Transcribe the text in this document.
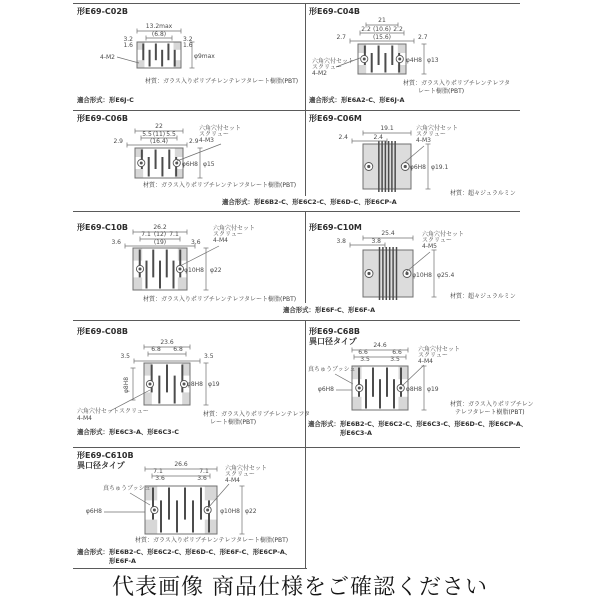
13.2max
(6.8)
3.2
1.6
3.2
1.6
4-M2	φ9max
21
2.2 (10.6) 2.2
2.7	(15.6)	2.7
六角穴付セット
スクリュー
4-M2
φ4H8 φ13
22
5.5 (11) 5.5
2.9	(16.4)	2.9
六角穴付セット
スクリュー
4-M3
φ6H8 φ15
19.1
2.4	2.4
六角穴付セット
スクリュー
4-M3
φ6H8 φ19.1
26.2
7.1 (12) 7.1
3.6	(19)	3.6
六角穴付セット
スクリュー
4-M4
φ10H8 φ22
25.4
3.8	3.8
六角穴付セット
スクリュー
4-M5
φ10H8 φ25.4
23.6
6.8 6.8
3.5	3.5
φ8H8	φ8H8 φ19
六角穴付セットスクリュー
4-M4
24.6
6.6	6.6
3.5	3.5
真ちゅうブッシュ
六角穴付セット
スクリュー
4-M4
φ6H8	φ8H8 φ19
26.6
7.1	7.1
3.6	3.6
真ちゅうブッシュ
六角穴付セット
スクリュー
4-M4
φ6H8	φ10H8 φ22
代表画像 商品仕様をご確認ください
形E69-C02B
材質：ガラス入りポリブチレンテレフタレート樹脂(PBT)
適合形式：形E6J-C
形E69-C04B
材質：ガラス入りポリブチレンテレフタ
レート樹脂(PBT)
適合形式：形E6A2-C、形E6J-A
形E69-C06B
材質：ガラス入りポリブチレンテレフタレート樹脂(PBT)
形E69-C06M
材質：超々ジュラルミン
形E69-C10B
材質：ガラス入りポリブチレンテレフタレート樹脂(PBT)
形E69-C10M
材質：超々ジュラルミン
形E69-C08B
材質：ガラス入りポリブチレンテレフタ
レート樹脂(PBT)
適合形式：形E6C3-A、形E6C3-C
形E69-C68B
異口径タイプ
材質：ガラス入りポリブチレン
テレフタレート樹脂(PBT)
適合形式：形E6B2-C、形E6C2-C、形E6C3-C、形E6D-C、形E6CP-A、
形E6C3-A
形E69-C610B
異口径タイプ
材質：ガラス入りポリブチレンテレフタレート樹脂(PBT)
適合形式：形E6B2-C、形E6C2-C、形E6D-C、形E6F-C、形E6CP-A、
形E6F-A
適合形式：形E6B2-C、形E6C2-C、形E6D-C、形E6CP-A
適合形式：形E6F-C、形E6F-A
